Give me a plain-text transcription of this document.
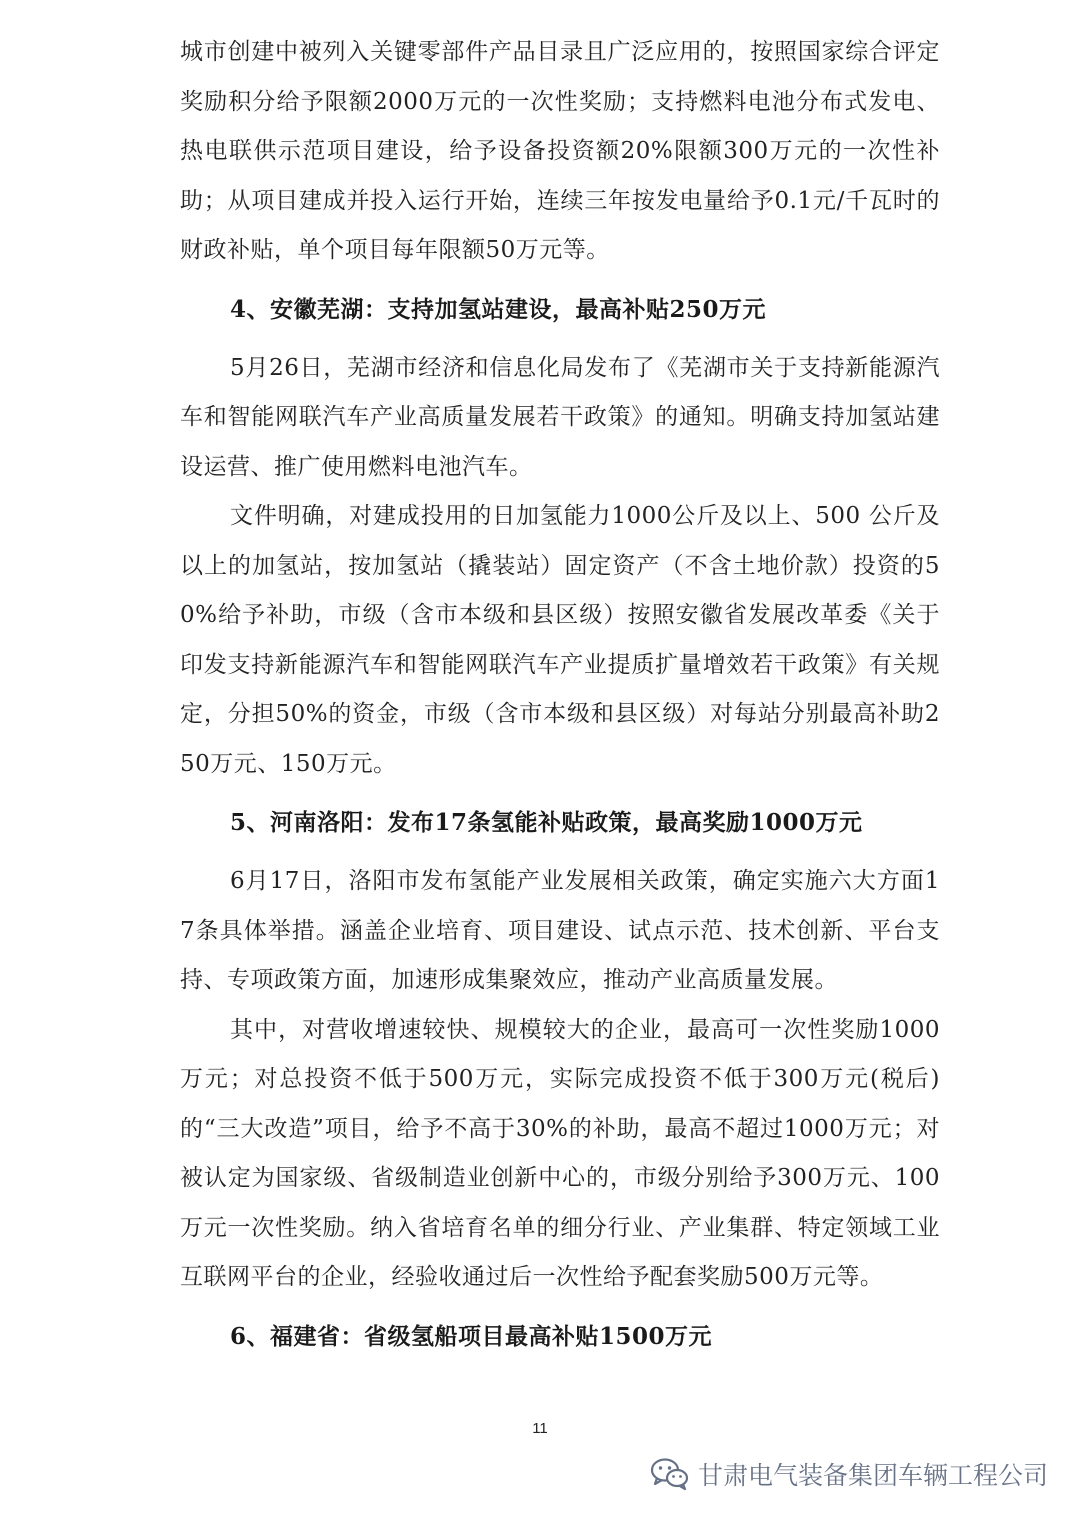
城市创建中被列入关键零部件产品目录且广泛应用的，按照国家综合评定奖励积分给予限额2000万元的一次性奖励；支持燃料电池分布式发电、热电联供示范项目建设，给予设备投资额20%限额300万元的一次性补助；从项目建成并投入运行开始，连续三年按发电量给予0.1元/千瓦时的财政补贴，单个项目每年限额50万元等。

4、安徽芜湖：支持加氢站建设，最高补贴250万元

5月26日，芜湖市经济和信息化局发布了《芜湖市关于支持新能源汽车和智能网联汽车产业高质量发展若干政策》的通知。明确支持加氢站建设运营、推广使用燃料电池汽车。

文件明确，对建成投用的日加氢能力1000公斤及以上、500 公斤及以上的加氢站，按加氢站（撬装站）固定资产（不含土地价款）投资的50%给予补助，市级（含市本级和县区级）按照安徽省发展改革委《关于印发支持新能源汽车和智能网联汽车产业提质扩量增效若干政策》有关规定，分担50%的资金，市级（含市本级和县区级）对每站分别最高补助250万元、150万元。

5、河南洛阳：发布17条氢能补贴政策，最高奖励1000万元

6月17日，洛阳市发布氢能产业发展相关政策，确定实施六大方面17条具体举措。涵盖企业培育、项目建设、试点示范、技术创新、平台支持、专项政策方面，加速形成集聚效应，推动产业高质量发展。

其中，对营收增速较快、规模较大的企业，最高可一次性奖励1000万元；对总投资不低于500万元，实际完成投资不低于300万元(税后)的“三大改造”项目，给予不高于30%的补助，最高不超过1000万元；对被认定为国家级、省级制造业创新中心的，市级分别给予300万元、100万元一次性奖励。纳入省培育名单的细分行业、产业集群、特定领域工业互联网平台的企业，经验收通过后一次性给予配套奖励500万元等。

6、福建省：省级氢船项目最高补贴1500万元
11
甘肃电气装备集团车辆工程公司
